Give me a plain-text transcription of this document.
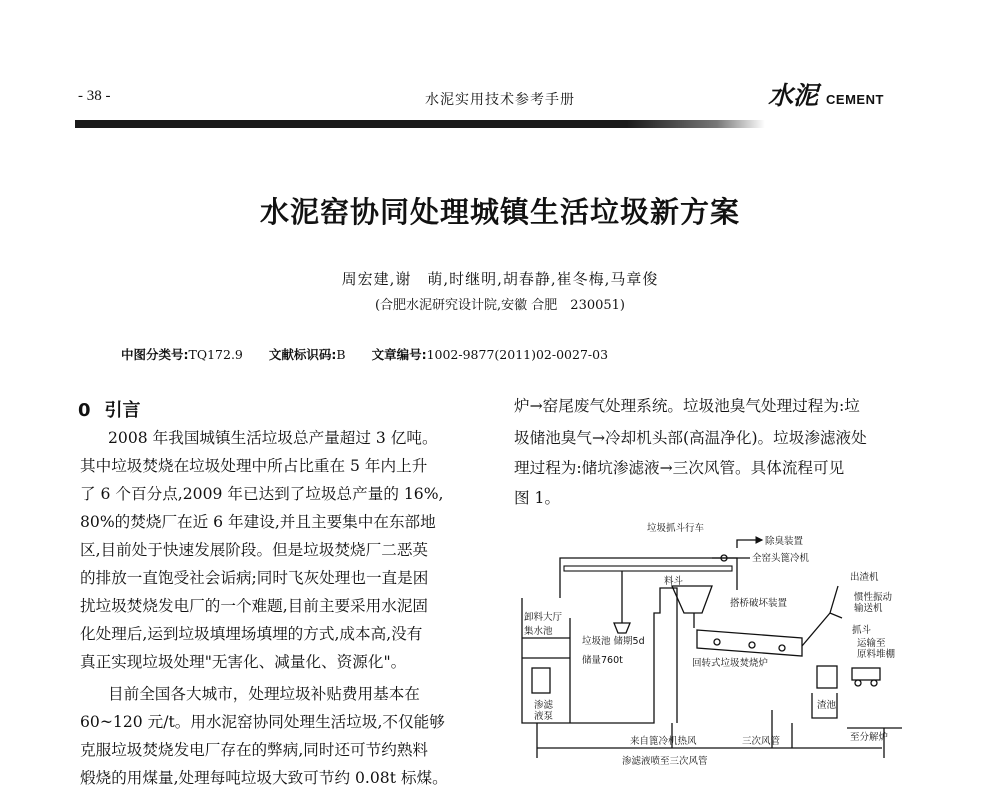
- 38 -	水泥实用技术参考手册	水泥 CEMENT
水泥窑协同处理城镇生活垃圾新方案
周宏建,谢　萌,时继明,胡春静,崔冬梅,马章俊
(合肥水泥研究设计院,安徽 合肥　230051)
中图分类号:TQ172.9 文献标识码:B 文章编号:1002-9877(2011)02-0027-03
0 引言
2008 年我国城镇生活垃圾总产量超过 3 亿吨。
其中垃圾焚烧在垃圾处理中所占比重在 5 年内上升
了 6 个百分点,2009 年已达到了垃圾总产量的 16%,
80%的焚烧厂在近 6 年建设,并且主要集中在东部地
区,目前处于快速发展阶段。但是垃圾焚烧厂二恶英
的排放一直饱受社会诟病;同时飞灰处理也一直是困
扰垃圾焚烧发电厂的一个难题,目前主要采用水泥固
化处理后,运到垃圾填埋场填埋的方式,成本高,没有
真正实现垃圾处理"无害化、减量化、资源化"。
目前全国各大城市，处理垃圾补贴费用基本在
60~120 元/t。用水泥窑协同处理生活垃圾,不仅能够
克服垃圾焚烧发电厂存在的弊病,同时还可节约熟料
煅烧的用煤量,处理每吨垃圾大致可节约 0.08t 标煤。
炉→窑尾废气处理系统。垃圾池臭气处理过程为:垃
圾储池臭气→冷却机头部(高温净化)。垃圾渗滤液处
理过程为:储坑渗滤液→三次风管。具体流程可见
图 1。
垃圾抓斗行车
除臭装置
全窑头篦冷机
出渣机
料斗
搭桥破坏装置
惯性振动
输送机
卸料大厅
集水池
垃圾池 储期5d
储量760t	回转式垃圾焚烧炉
抓斗
运输至
原料堆棚
渗滤
液泵
渣池
至分解炉
来自篦冷机热风	三次风管
渗滤液喷至三次风管
